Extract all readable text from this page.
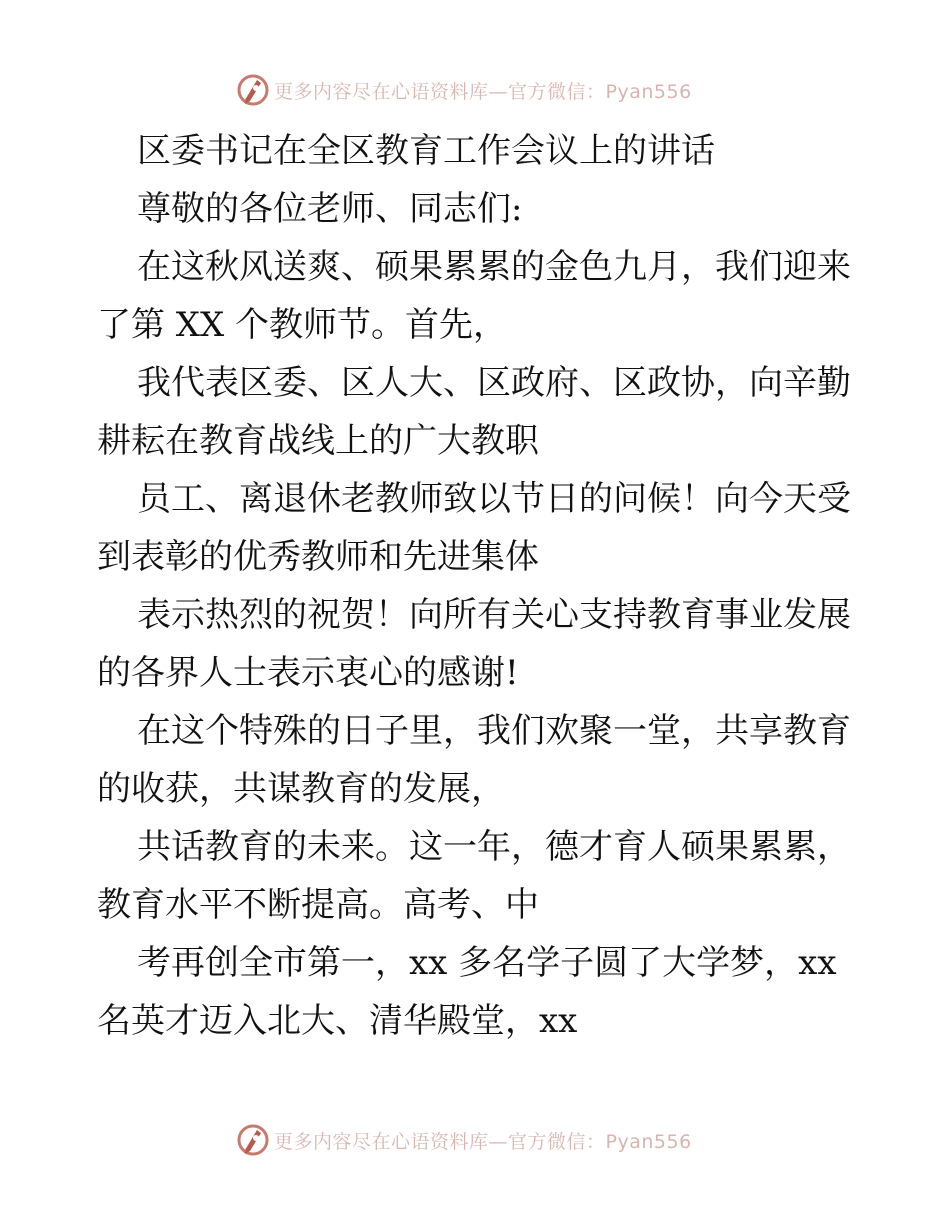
更多内容尽在心语资料库—官方微信：Pyan556
区委书记在全区教育工作会议上的讲话
尊敬的各位老师、同志们:
在这秋风送爽、硕果累累的金色九月，我们迎来
了第 XX 个教师节。首先，
我代表区委、区人大、区政府、区政协，向辛勤
耕耘在教育战线上的广大教职
员工、离退休老教师致以节日的问候！向今天受
到表彰的优秀教师和先进集体
表示热烈的祝贺！向所有关心支持教育事业发展
的各界人士表示衷心的感谢!
在这个特殊的日子里，我们欢聚一堂，共享教育
的收获，共谋教育的发展，
共话教育的未来。这一年，德才育人硕果累累，
教育水平不断提高。高考、中
考再创全市第一，xx 多名学子圆了大学梦，xx
名英才迈入北大、清华殿堂，xx
更多内容尽在心语资料库—官方微信：Pyan556
